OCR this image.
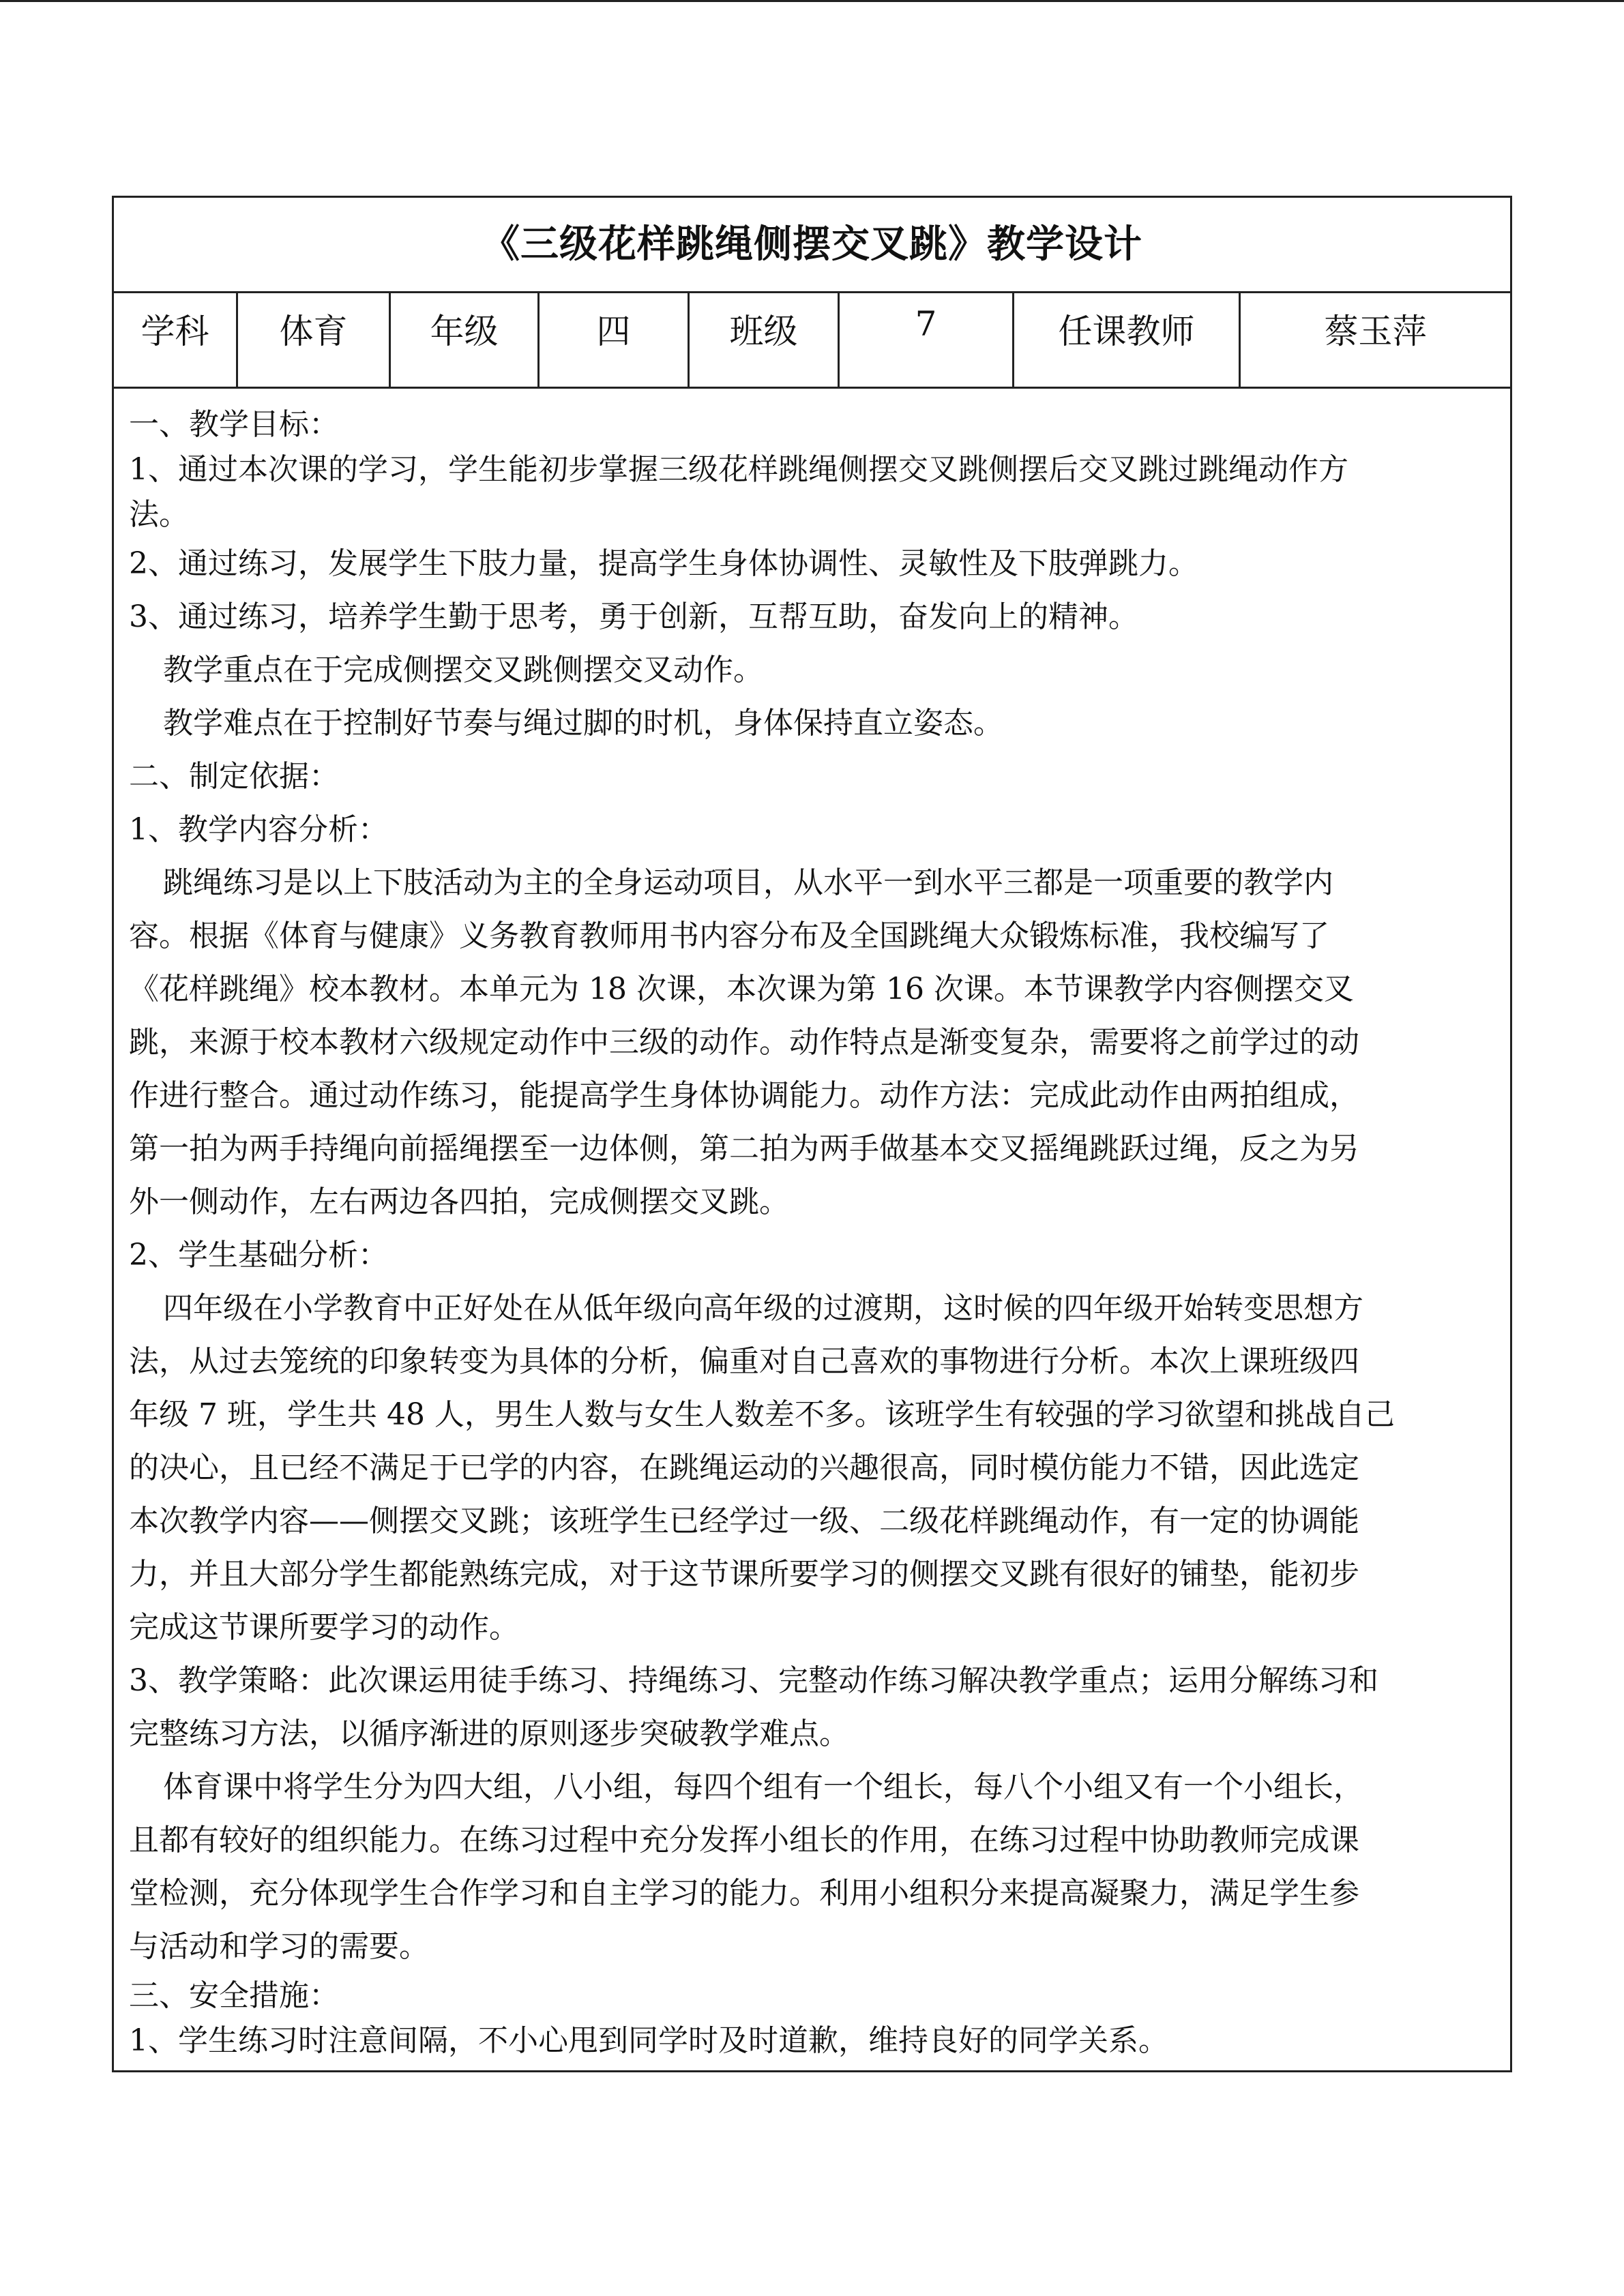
《三级花样跳绳侧摆交叉跳》教学设计
学科	体育	年级	四	班级	7	任课教师	蔡玉萍

一、教学目标：

1、通过本次课的学习，学生能初步掌握三级花样跳绳侧摆交叉跳侧摆后交叉跳过跳绳动作方

法。

2、通过练习，发展学生下肢力量，提高学生身体协调性、灵敏性及下肢弹跳力。

3、通过练习，培养学生勤于思考，勇于创新，互帮互助，奋发向上的精神。

教学重点在于完成侧摆交叉跳侧摆交叉动作。

教学难点在于控制好节奏与绳过脚的时机，身体保持直立姿态。

二、制定依据：

1、教学内容分析：

跳绳练习是以上下肢活动为主的全身运动项目，从水平一到水平三都是一项重要的教学内

容。根据《体育与健康》义务教育教师用书内容分布及全国跳绳大众锻炼标准，我校编写了

《花样跳绳》校本教材。本单元为 18 次课，本次课为第 16 次课。本节课教学内容侧摆交叉

跳，来源于校本教材六级规定动作中三级的动作。动作特点是渐变复杂，需要将之前学过的动

作进行整合。通过动作练习，能提高学生身体协调能力。动作方法：完成此动作由两拍组成，

第一拍为两手持绳向前摇绳摆至一边体侧，第二拍为两手做基本交叉摇绳跳跃过绳，反之为另

外一侧动作，左右两边各四拍，完成侧摆交叉跳。

2、学生基础分析：

四年级在小学教育中正好处在从低年级向高年级的过渡期，这时候的四年级开始转变思想方

法，从过去笼统的印象转变为具体的分析，偏重对自己喜欢的事物进行分析。本次上课班级四

年级 7 班，学生共 48 人，男生人数与女生人数差不多。该班学生有较强的学习欲望和挑战自己

的决心，且已经不满足于已学的内容，在跳绳运动的兴趣很高，同时模仿能力不错，因此选定

本次教学内容——侧摆交叉跳；该班学生已经学过一级、二级花样跳绳动作，有一定的协调能

力，并且大部分学生都能熟练完成，对于这节课所要学习的侧摆交叉跳有很好的铺垫，能初步

完成这节课所要学习的动作。

3、教学策略：此次课运用徒手练习、持绳练习、完整动作练习解决教学重点；运用分解练习和

完整练习方法，以循序渐进的原则逐步突破教学难点。

体育课中将学生分为四大组，八小组，每四个组有一个组长，每八个小组又有一个小组长，

且都有较好的组织能力。在练习过程中充分发挥小组长的作用，在练习过程中协助教师完成课

堂检测，充分体现学生合作学习和自主学习的能力。利用小组积分来提高凝聚力，满足学生参

与活动和学习的需要。

三、安全措施：

1、学生练习时注意间隔，不小心甩到同学时及时道歉，维持良好的同学关系。
